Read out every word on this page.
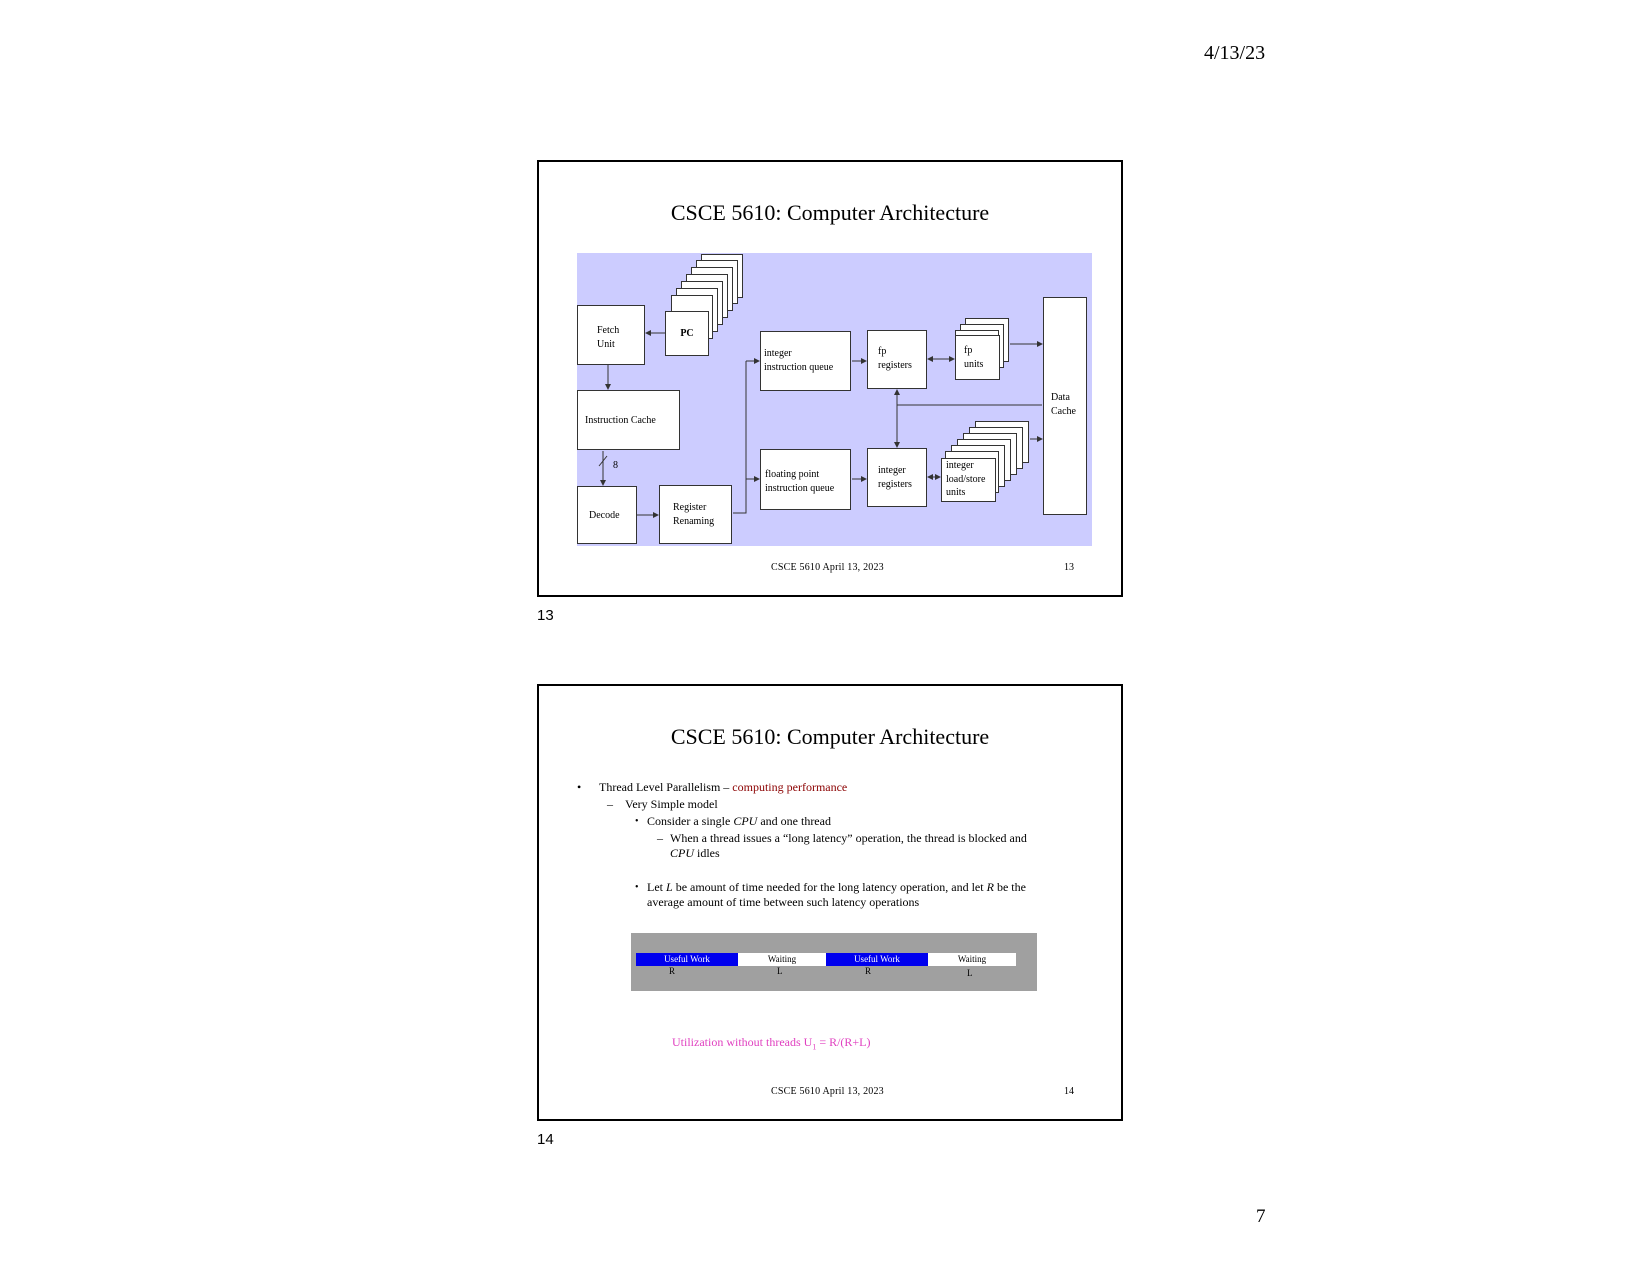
4/13/23
CSCE 5610: Computer Architecture
PC
Fetch
Unit
Instruction Cache
8
Decode
Register
Renaming
integer
instruction queue
floating point
instruction queue
fp
registers
integer
registers
fp
units
integer
load/store
units
Data
Cache
CSCE 5610 April 13, 2023	13
13
CSCE 5610: Computer Architecture
• Thread Level Parallelism – computing performance
– Very Simple model
• Consider a single CPU and one thread
– When a thread issues a “long latency” operation, the thread is blocked and
CPU idles
• Let L be amount of time needed for the long latency operation, and let R be the
average amount of time between such latency operations
Useful Work	Waiting	Useful Work	Waiting
R	L	R	L
Utilization without threads $U_1 = R/(R+L)$
CSCE 5610 April 13, 2023	14
14
7
